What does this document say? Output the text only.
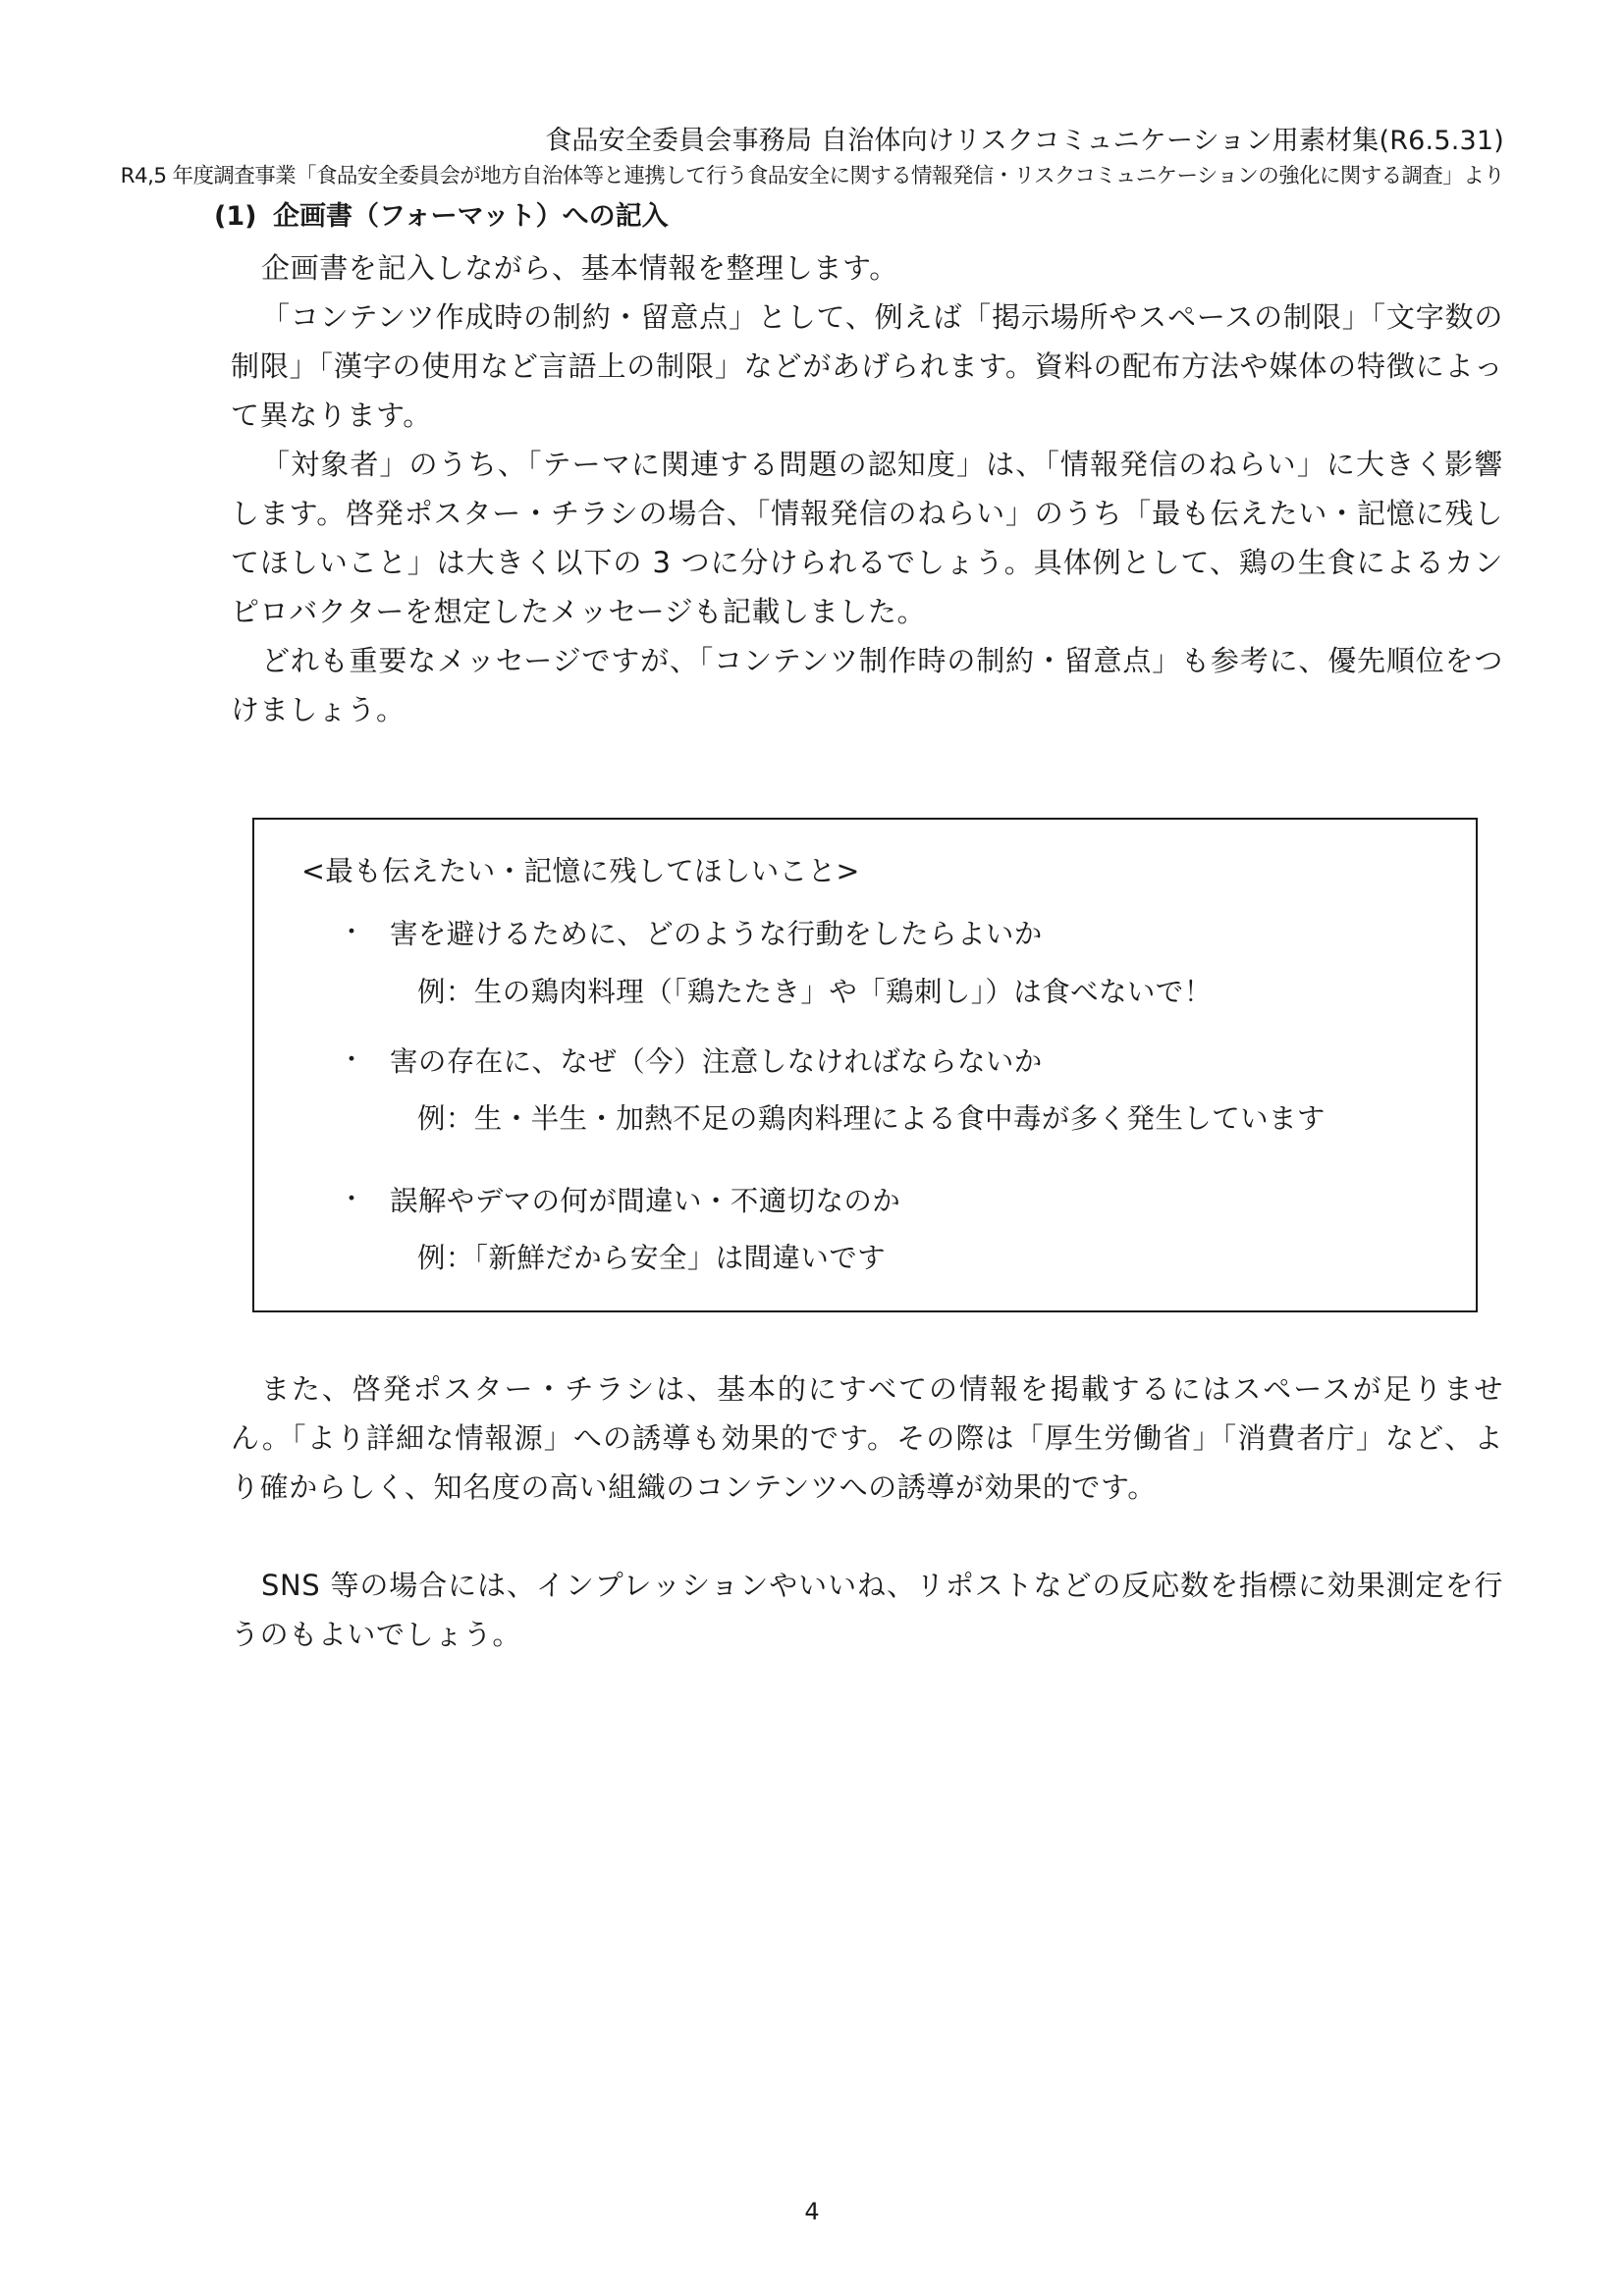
食品安全委員会事務局 自治体向けリスクコミュニケーション用素材集(R6.5.31)
R4,5 年度調査事業「食品安全委員会が地方自治体等と連携して行う食品安全に関する情報発信・リスクコミュニケーションの強化に関する調査」より
(1) 企画書（フォーマット）への記入

企画書を記入しながら、基本情報を整理します。

「コンテンツ作成時の制約・留意点」として、例えば「掲示場所やスペースの制限」「文字数の制限」「漢字の使用など言語上の制限」などがあげられます。資料の配布方法や媒体の特徴によって異なります。

「対象者」のうち、「テーマに関連する問題の認知度」は、「情報発信のねらい」に大きく影響します。啓発ポスター・チラシの場合、「情報発信のねらい」のうち「最も伝えたい・記憶に残してほしいこと」は大きく以下の 3 つに分けられるでしょう。具体例として、鶏の生食によるカンピロバクターを想定したメッセージも記載しました。

どれも重要なメッセージですが、「コンテンツ制作時の制約・留意点」も参考に、優先順位をつけましょう。

<最も伝えたい・記憶に残してほしいこと>
・ 害を避けるために、どのような行動をしたらよいか
例：生の鶏肉料理（「鶏たたき」や「鶏刺し」）は食べないで！
・ 害の存在に、なぜ（今）注意しなければならないか
例：生・半生・加熱不足の鶏肉料理による食中毒が多く発生しています
・ 誤解やデマの何が間違い・不適切なのか
例：「新鮮だから安全」は間違いです

また、啓発ポスター・チラシは、基本的にすべての情報を掲載するにはスペースが足りません。「より詳細な情報源」への誘導も効果的です。その際は「厚生労働省」「消費者庁」など、より確からしく、知名度の高い組織のコンテンツへの誘導が効果的です。

SNS 等の場合には、インプレッションやいいね、リポストなどの反応数を指標に効果測定を行うのもよいでしょう。

4
